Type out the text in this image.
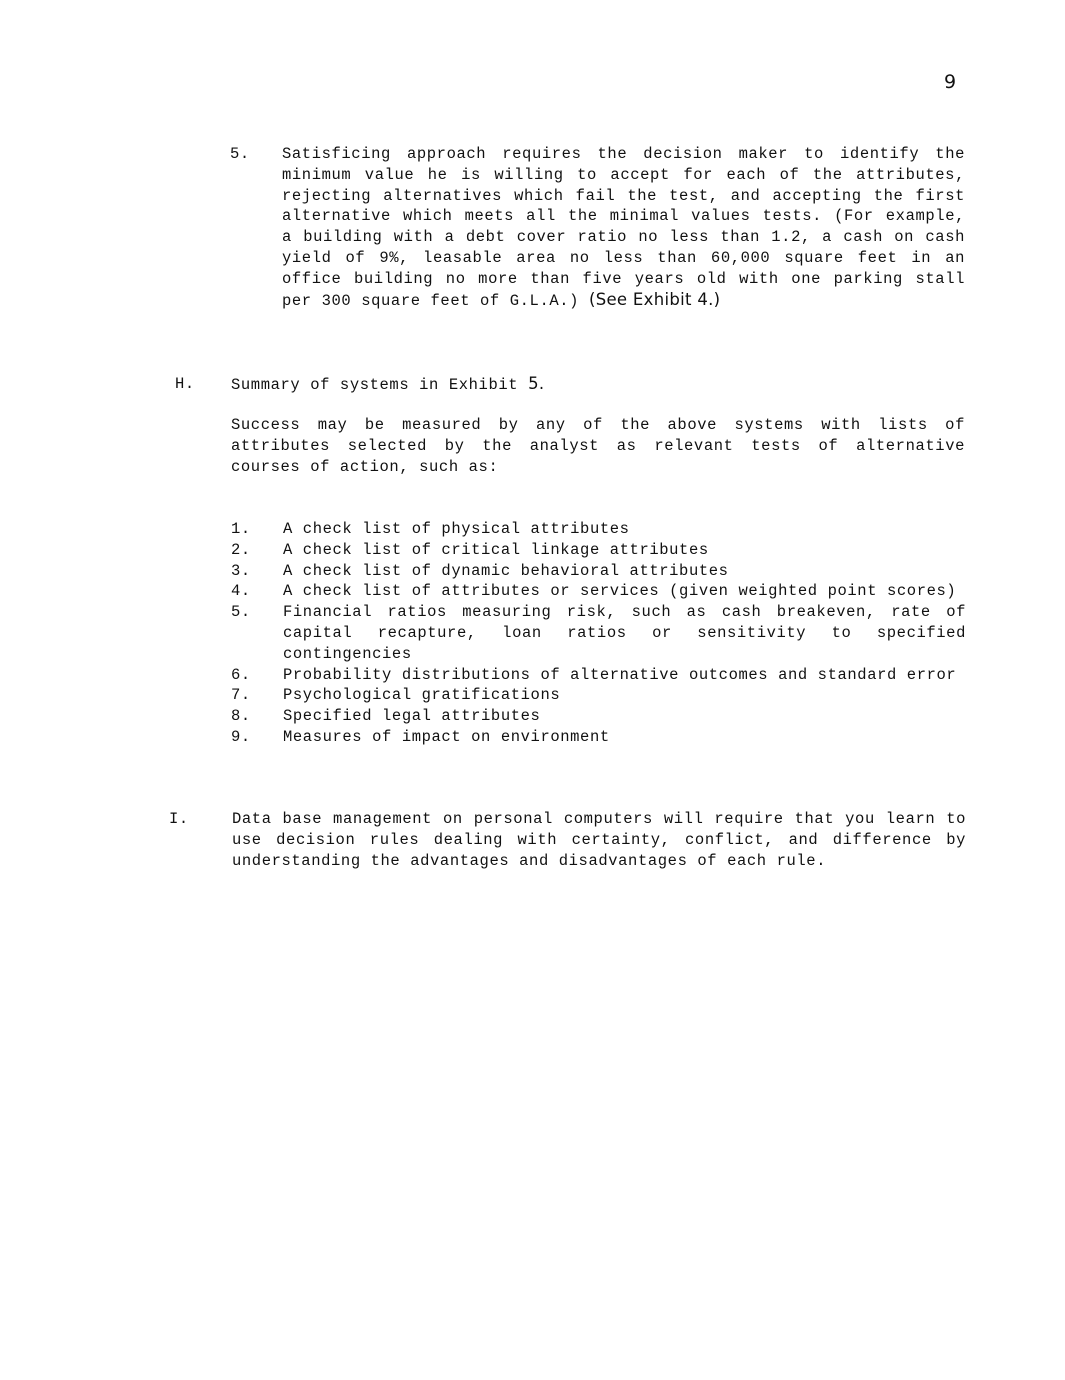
9
5. Satisficing approach requires the decision maker to identify the minimum value he is willing to accept for each of the attributes, rejecting alternatives which fail the test, and accepting the first alternative which meets all the minimal values tests. (For example, a building with a debt cover ratio no less than 1.2, a cash on cash yield of 9%, leasable area no less than 60,000 square feet in an office building no more than five years old with one parking stall per 300 square feet of G.L.A.) (See Exhibit 4.)
H. Summary of systems in Exhibit 5.
Success may be measured by any of the above systems with lists of attributes selected by the analyst as relevant tests of alternative courses of action, such as:
1. A check list of physical attributes
2. A check list of critical linkage attributes
3. A check list of dynamic behavioral attributes
4. A check list of attributes or services (given weighted point scores)
5. Financial ratios measuring risk, such as cash breakeven, rate of capital recapture, loan ratios or sensitivity to specified contingencies
6. Probability distributions of alternative outcomes and standard error
7. Psychological gratifications
8. Specified legal attributes
9. Measures of impact on environment
I.	Data base management on personal computers will require that you learn to use decision rules dealing with certainty, conflict, and difference by understanding the advantages and disadvantages of each rule.
